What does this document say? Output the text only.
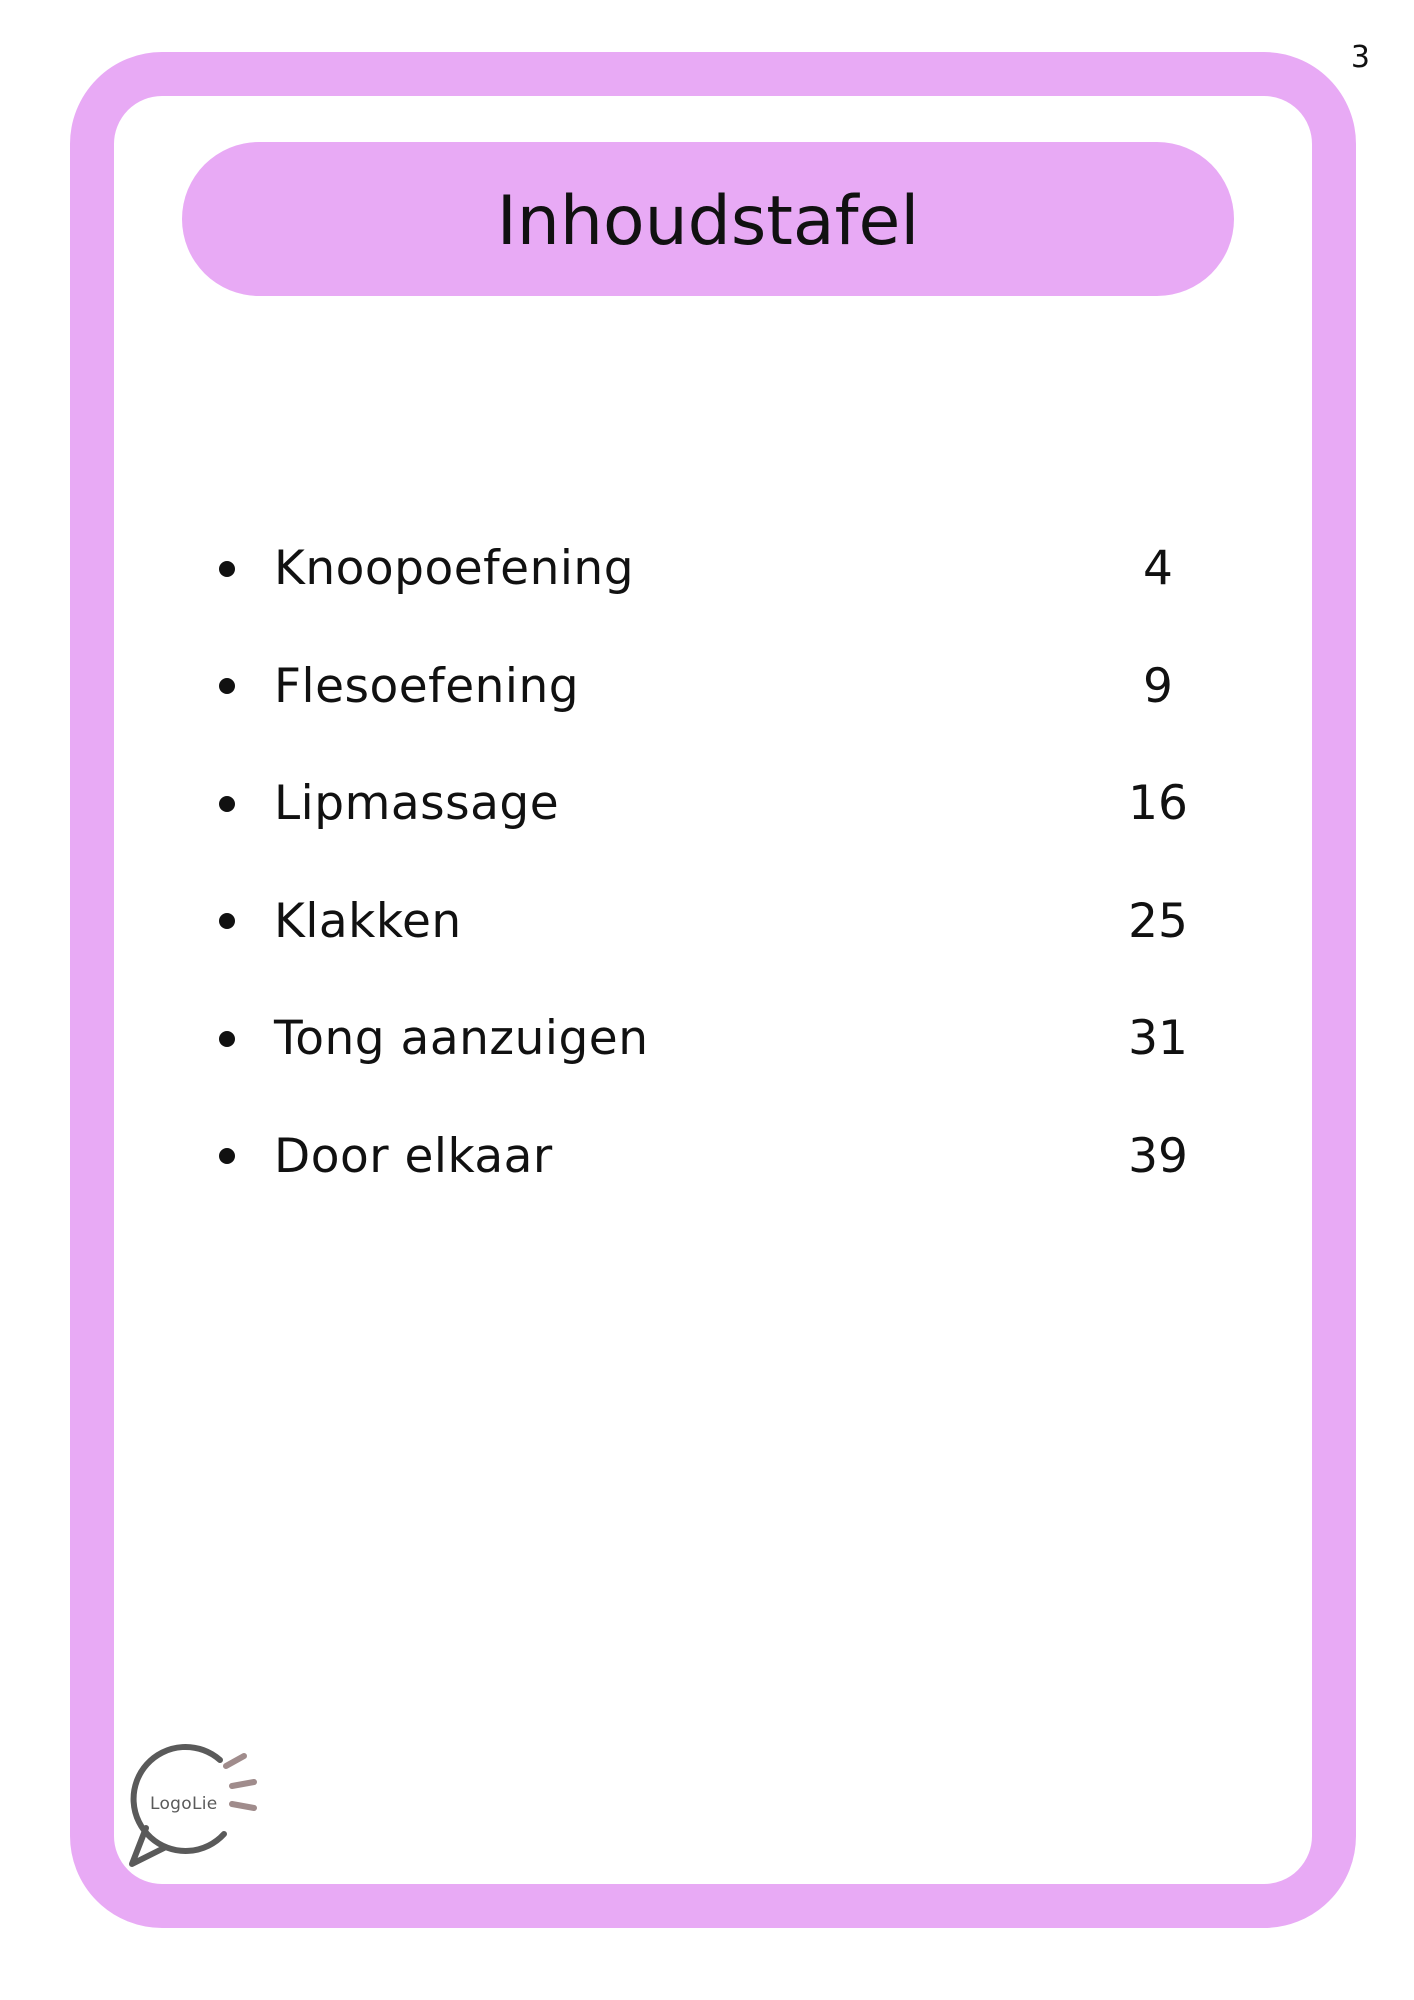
3
Inhoudstafel
Knoopoefening	4
Flesoefening	9
Lipmassage	16
Klakken	25
Tong aanzuigen	31
Door elkaar	39
LogoLie
